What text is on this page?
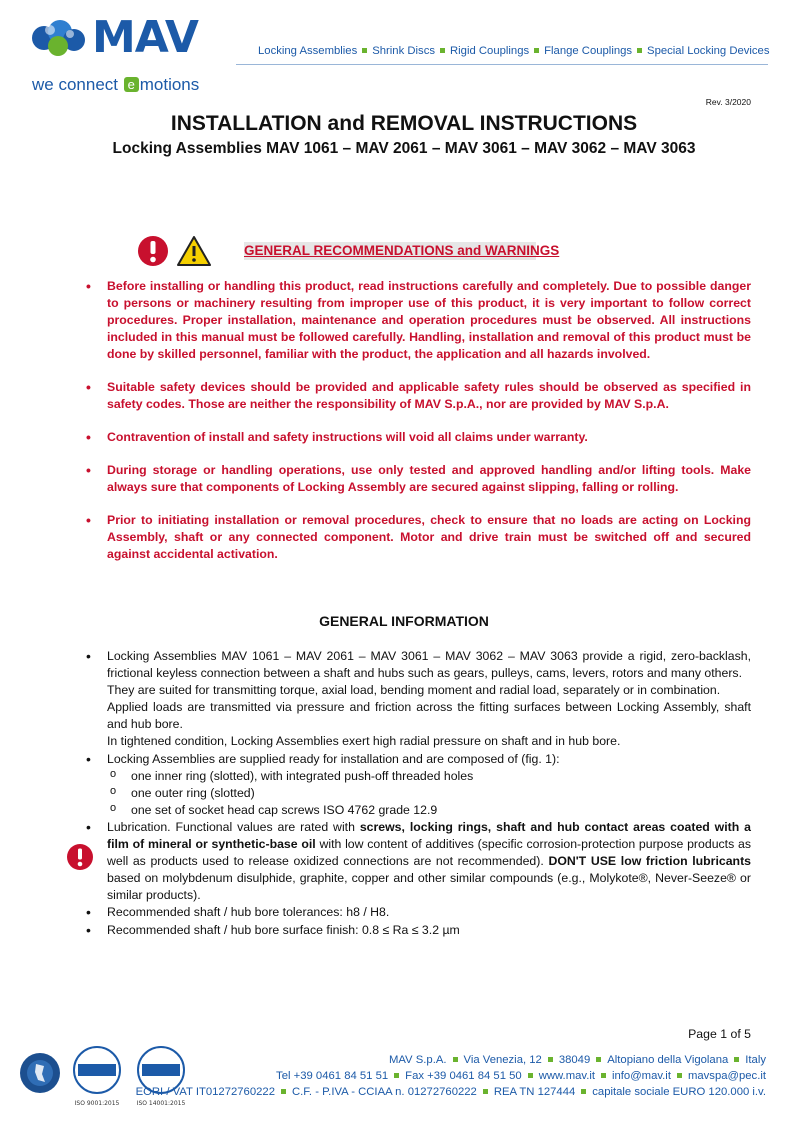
MAV	Locking Assemblies Shrink Discs Rigid Couplings Flange Couplings Special Locking Devices
we connect e motions
Rev. 3/2020
INSTALLATION and REMOVAL INSTRUCTIONS
Locking Assemblies MAV 1061 – MAV 2061 – MAV 3061 – MAV 3062 – MAV 3063
GENERAL RECOMMENDATIONS and WARNINGS
• Before installing or handling this product, read instructions carefully and completely. Due to possible danger to persons or machinery resulting from improper use of this product, it is very important to follow correct procedures. Proper installation, maintenance and operation procedures must be observed. All instructions included in this manual must be followed carefully. Handling, installation and removal of this product must be done by skilled personnel, familiar with the product, the application and all hazards involved.
• Suitable safety devices should be provided and applicable safety rules should be observed as specified in safety codes. Those are neither the responsibility of MAV S.p.A., nor are provided by MAV S.p.A.
• Contravention of install and safety instructions will void all claims under warranty.
• During storage or handling operations, use only tested and approved handling and/or lifting tools. Make always sure that components of Locking Assembly are secured against slipping, falling or rolling.
• Prior to initiating installation or removal procedures, check to ensure that no loads are acting on Locking Assembly, shaft or any connected component. Motor and drive train must be switched off and secured against accidental activation.
GENERAL INFORMATION

• Locking Assemblies MAV 1061 – MAV 2061 – MAV 3061 – MAV 3062 – MAV 3063 provide a rigid, zero-backlash, frictional keyless connection between a shaft and hubs such as gears, pulleys, cams, levers, rotors and many others.

They are suited for transmitting torque, axial load, bending moment and radial load, separately or in combination.

Applied loads are transmitted via pressure and friction across the fitting surfaces between Locking Assembly, shaft and hub bore.

In tightened condition, Locking Assemblies exert high radial pressure on shaft and in hub bore.

• Locking Assemblies are supplied ready for installation and are composed of (fig. 1):

o one inner ring (slotted), with integrated push-off threaded holes
o one outer ring (slotted)
o one set of socket head cap screws ISO 4762 grade 12.9
• Lubrication. Functional values are rated with screws, locking rings, shaft and hub contact areas coated with a film of mineral or synthetic-base oil with low content of additives (specific corrosion-protection purpose products as well as products used to release oxidized connections are not recommended). DON'T USE low friction lubricants based on molybdenum disulphide, graphite, copper and other similar compounds (e.g., Molykote®, Never-Seeze® or similar products).
• Recommended shaft / hub bore tolerances: h8 / H8.
• Recommended shaft / hub bore surface finish: 0.8 ≤ Ra ≤ 3.2 µm
Page 1 of 5
ISO 9001:2015	ISO 14001:2015
MAV S.p.A. Via Venezia, 12 38049 Altopiano della Vigolana Italy
Tel +39 0461 84 51 51 Fax +39 0461 84 51 50 www.mav.it info@mav.it mavspa@pec.it
EORI / VAT IT01272760222 C.F. - P.IVA - CCIAA n. 01272760222 REA TN 127444 capitale sociale EURO 120.000 i.v.
